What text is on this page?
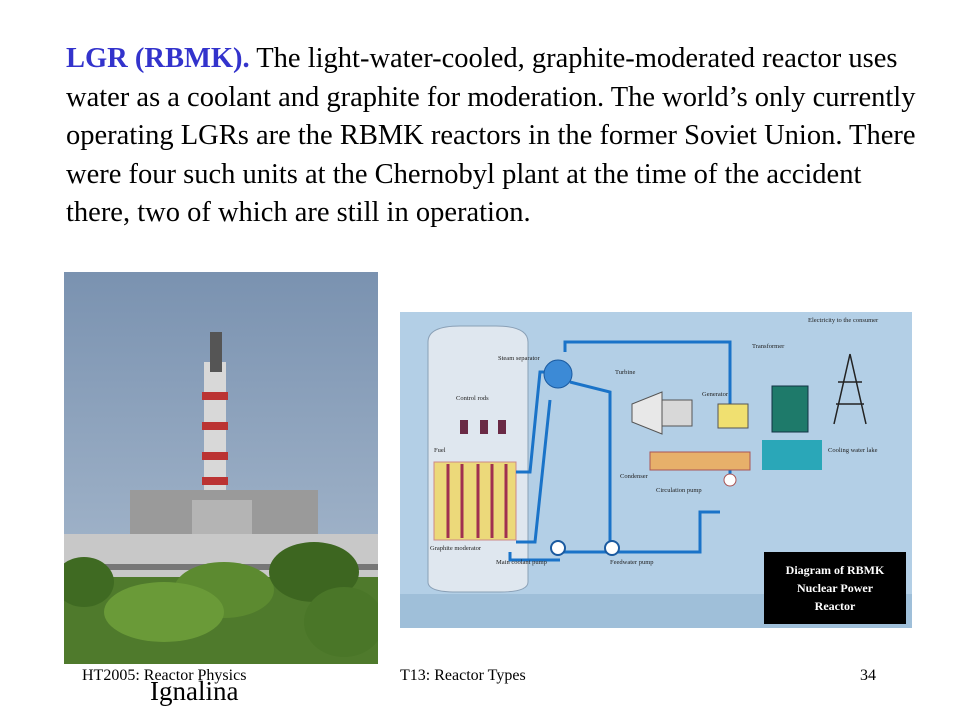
LGR (RBMK). The light-water-cooled, graphite-moderated reactor uses water as a coolant and graphite for moderation. The world’s only currently operating LGRs are the RBMK reactors in the former Soviet Union. There were four such units at the Chernobyl plant at the time of the accident there, two of which are still in operation.

Electricity to the consumer
Steam separator
Turbine
Transformer
Control rods
Generator
Fuel	Cooling water lake
Condenser
Circulation pump
Graphite moderator
Main coolant pump	Feedwater pump
Diagram of RBMK
Nuclear Power
Reactor
HT2005: Reactor Physics	T13: Reactor Types	34
Ignalina
